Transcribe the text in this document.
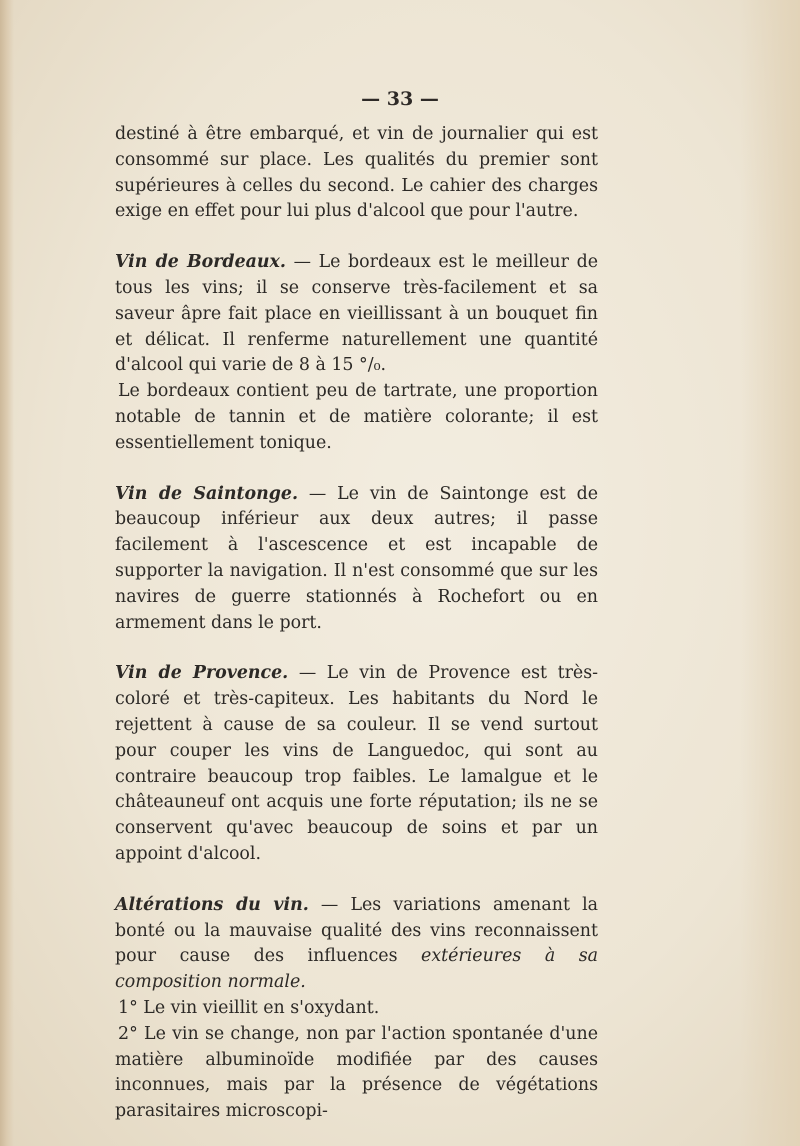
— 33 —

destiné à être embarqué, et vin de journalier qui est consommé sur place. Les qualités du premier sont supérieures à celles du second. Le cahier des charges exige en effet pour lui plus d'alcool que pour l'autre.

Vin de Bordeaux. — Le bordeaux est le meilleur de tous les vins; il se conserve très-facilement et sa saveur âpre fait place en vieillissant à un bouquet fin et délicat. Il renferme naturellement une quantité d'alcool qui varie de 8 à 15 °/₀.

Le bordeaux contient peu de tartrate, une proportion notable de tannin et de matière colorante; il est essentiellement tonique.

Vin de Saintonge. — Le vin de Saintonge est de beaucoup inférieur aux deux autres; il passe facilement à l'ascescence et est incapable de supporter la navigation. Il n'est consommé que sur les navires de guerre stationnés à Rochefort ou en armement dans le port.

Vin de Provence. — Le vin de Provence est très-coloré et très-capiteux. Les habitants du Nord le rejettent à cause de sa couleur. Il se vend surtout pour couper les vins de Languedoc, qui sont au contraire beaucoup trop faibles. Le lamalgue et le châteauneuf ont acquis une forte réputation; ils ne se conservent qu'avec beaucoup de soins et par un appoint d'alcool.

Altérations du vin. — Les variations amenant la bonté ou la mauvaise qualité des vins reconnaissent pour cause des influences extérieures à sa composition normale.

1° Le vin vieillit en s'oxydant.

2° Le vin se change, non par l'action spontanée d'une matière albuminoïde modifiée par des causes inconnues, mais par la présence de végétations parasitaires microscopi-
